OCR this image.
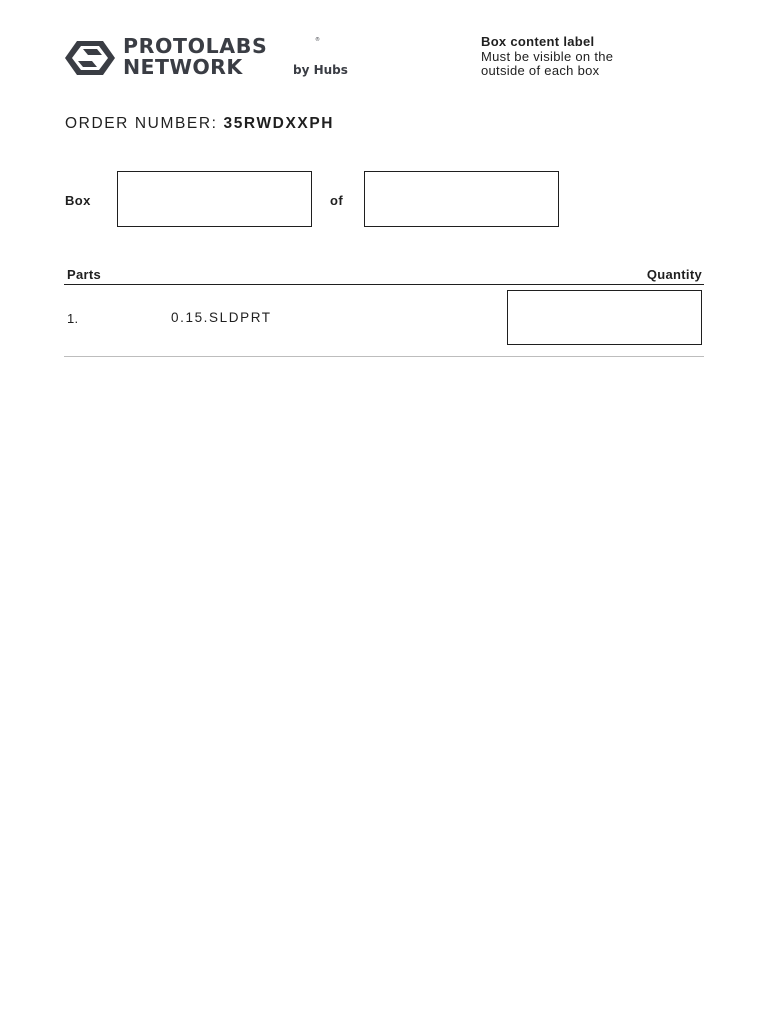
PROTOLABS	®
NETWORK	by Hubs
Box content label
Must be visible on the
outside of each box
ORDER NUMBER: 35RWDXXPH
Box	of
Parts	Quantity
1.	0.15.SLDPRT
